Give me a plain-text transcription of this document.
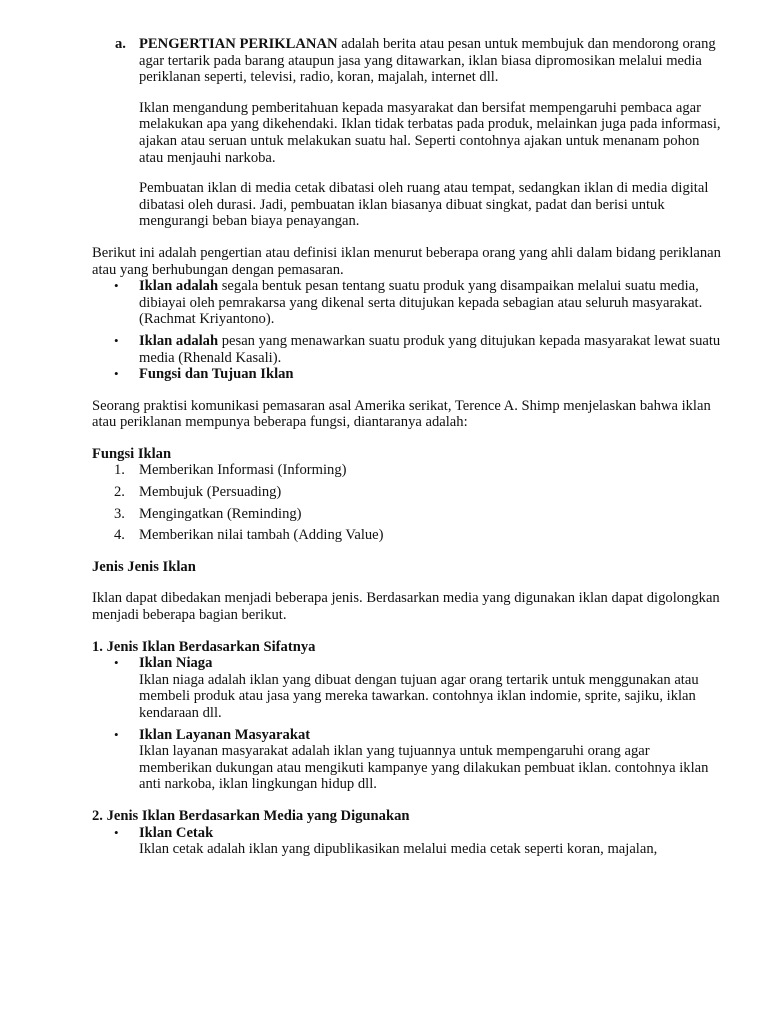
a. PENGERTIAN PERIKLANAN adalah berita atau pesan untuk membujuk dan mendorong orang agar tertarik pada barang ataupun jasa yang ditawarkan, iklan biasa dipromosikan melalui media periklanan seperti, televisi, radio, koran, majalah, internet dll.

Iklan mengandung pemberitahuan kepada masyarakat dan bersifat mempengaruhi pembaca agar melakukan apa yang dikehendaki. Iklan tidak terbatas pada produk, melainkan juga pada informasi, ajakan atau seruan untuk melakukan suatu hal. Seperti contohnya ajakan untuk menanam pohon atau menjauhi narkoba.

Pembuatan iklan di media cetak dibatasi oleh ruang atau tempat, sedangkan iklan di media digital dibatasi oleh durasi. Jadi, pembuatan iklan biasanya dibuat singkat, padat dan berisi untuk mengurangi beban biaya penayangan.

Berikut ini adalah pengertian atau definisi iklan menurut beberapa orang yang ahli dalam bidang periklanan atau yang berhubungan dengan pemasaran.

• Iklan adalah segala bentuk pesan tentang suatu produk yang disampaikan melalui suatu media, dibiayai oleh pemrakarsa yang dikenal serta ditujukan kepada sebagian atau seluruh masyarakat. (Rachmat Kriyantono).
• Iklan adalah pesan yang menawarkan suatu produk yang ditujukan kepada masyarakat lewat suatu media (Rhenald Kasali).
• Fungsi dan Tujuan Iklan

Seorang praktisi komunikasi pemasaran asal Amerika serikat, Terence A. Shimp menjelaskan bahwa iklan atau periklanan mempunya beberapa fungsi, diantaranya adalah:

Fungsi Iklan

1. Memberikan Informasi (Informing)
2. Membujuk (Persuading)
3. Mengingatkan (Reminding)
4. Memberikan nilai tambah (Adding Value)

Jenis Jenis Iklan

Iklan dapat dibedakan menjadi beberapa jenis. Berdasarkan media yang digunakan iklan dapat digolongkan menjadi beberapa bagian berikut.

1. Jenis Iklan Berdasarkan Sifatnya

• Iklan Niaga
Iklan niaga adalah iklan yang dibuat dengan tujuan agar orang tertarik untuk menggunakan atau membeli produk atau jasa yang mereka tawarkan. contohnya iklan indomie, sprite, sajiku, iklan kendaraan dll.
• Iklan Layanan Masyarakat
Iklan layanan masyarakat adalah iklan yang tujuannya untuk mempengaruhi orang agar memberikan dukungan atau mengikuti kampanye yang dilakukan pembuat iklan. contohnya iklan anti narkoba, iklan lingkungan hidup dll.

2. Jenis Iklan Berdasarkan Media yang Digunakan

• Iklan Cetak
Iklan cetak adalah iklan yang dipublikasikan melalui media cetak seperti koran, majalan,
